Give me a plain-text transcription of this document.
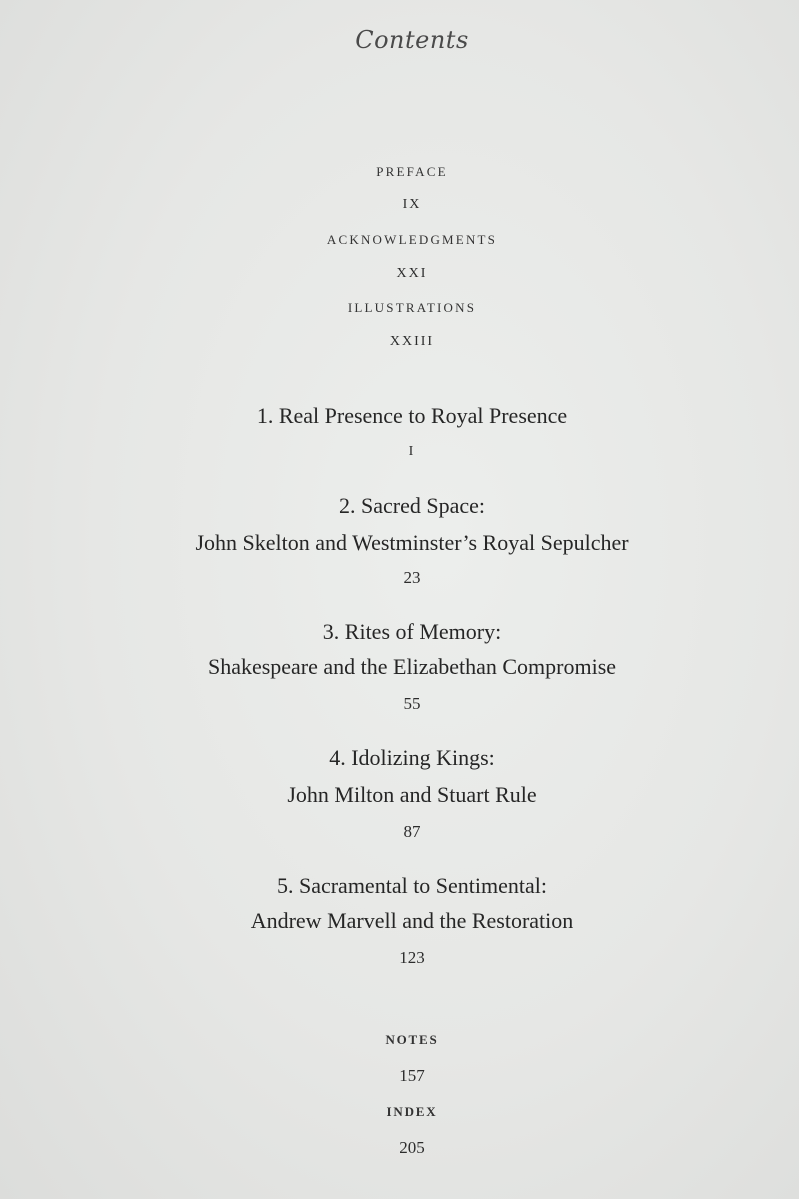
Contents
PREFACE
IX
ACKNOWLEDGMENTS
XXI
ILLUSTRATIONS
XXIII
1. Real Presence to Royal Presence
I
2. Sacred Space:
John Skelton and Westminster’s Royal Sepulcher
23
3. Rites of Memory:
Shakespeare and the Elizabethan Compromise
55
4. Idolizing Kings:
John Milton and Stuart Rule
87
5. Sacramental to Sentimental:
Andrew Marvell and the Restoration
123
NOTES
157
INDEX
205
